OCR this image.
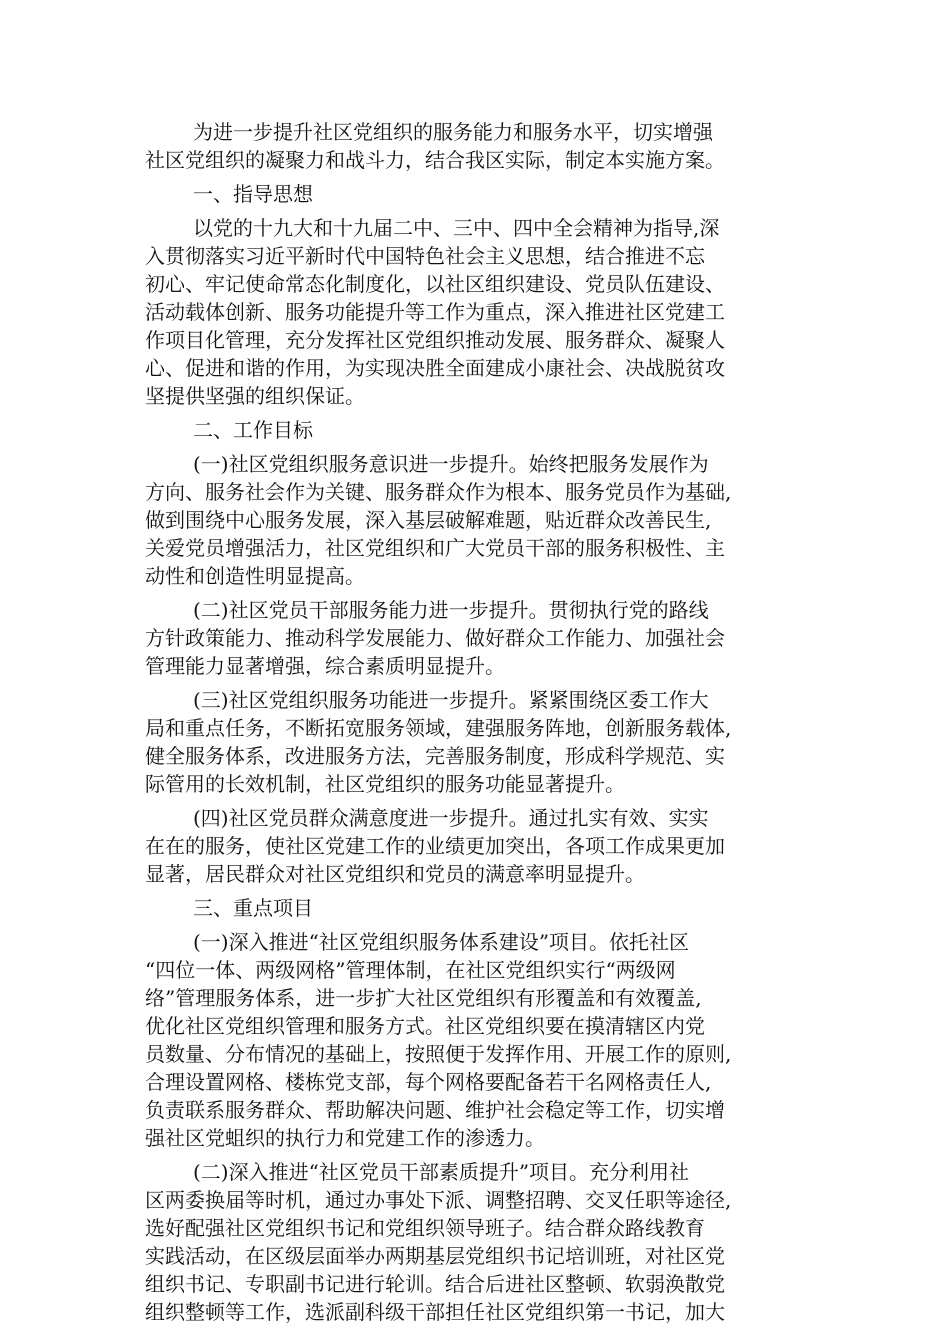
为进一步提升社区党组织的服务能力和服务水平，切实增强
社区党组织的凝聚力和战斗力，结合我区实际，制定本实施方案。
一、指导思想
以党的十九大和十九届二中、三中、四中全会精神为指导,深
入贯彻落实习近平新时代中国特色社会主义思想，结合推进不忘
初心、牢记使命常态化制度化，以社区组织建设、党员队伍建设、
活动载体创新、服务功能提升等工作为重点，深入推进社区党建工
作项目化管理，充分发挥社区党组织推动发展、服务群众、凝聚人
心、促进和谐的作用，为实现决胜全面建成小康社会、决战脱贫攻
坚提供坚强的组织保证。
二、工作目标
(一)社区党组织服务意识进一步提升。始终把服务发展作为
方向、服务社会作为关键、服务群众作为根本、服务党员作为基础,
做到围绕中心服务发展，深入基层破解难题，贴近群众改善民生,
关爱党员增强活力，社区党组织和广大党员干部的服务积极性、主
动性和创造性明显提高。
(二)社区党员干部服务能力进一步提升。贯彻执行党的路线
方针政策能力、推动科学发展能力、做好群众工作能力、加强社会
管理能力显著增强，综合素质明显提升。
(三)社区党组织服务功能进一步提升。紧紧围绕区委工作大
局和重点任务，不断拓宽服务领域，建强服务阵地，创新服务载体,
健全服务体系，改进服务方法，完善服务制度，形成科学规范、实
际管用的长效机制，社区党组织的服务功能显著提升。
(四)社区党员群众满意度进一步提升。通过扎实有效、实实
在在的服务，使社区党建工作的业绩更加突出，各项工作成果更加
显著，居民群众对社区党组织和党员的满意率明显提升。
三、重点项目
(一)深入推进“社区党组织服务体系建设”项目。依托社区
“四位一体、两级网格”管理体制，在社区党组织实行“两级网
络”管理服务体系，进一步扩大社区党组织有形覆盖和有效覆盖,
优化社区党组织管理和服务方式。社区党组织要在摸清辖区内党
员数量、分布情况的基础上，按照便于发挥作用、开展工作的原则,
合理设置网格、楼栋党支部，每个网格要配备若干名网格责任人,
负责联系服务群众、帮助解决问题、维护社会稳定等工作，切实增
强社区党蛆织的执行力和党建工作的渗透力。
(二)深入推进“社区党员干部素质提升”项目。充分利用社
区两委换届等时机，通过办事处下派、调整招聘、交叉任职等途径,
选好配强社区党组织书记和党组织领导班子。结合群众路线教育
实践活动，在区级层面举办两期基层党组织书记培训班，对社区党
组织书记、专职副书记进行轮训。结合后进社区整顿、软弱涣散党
组织整顿等工作，选派副科级干部担任社区党组织第一书记，加大
